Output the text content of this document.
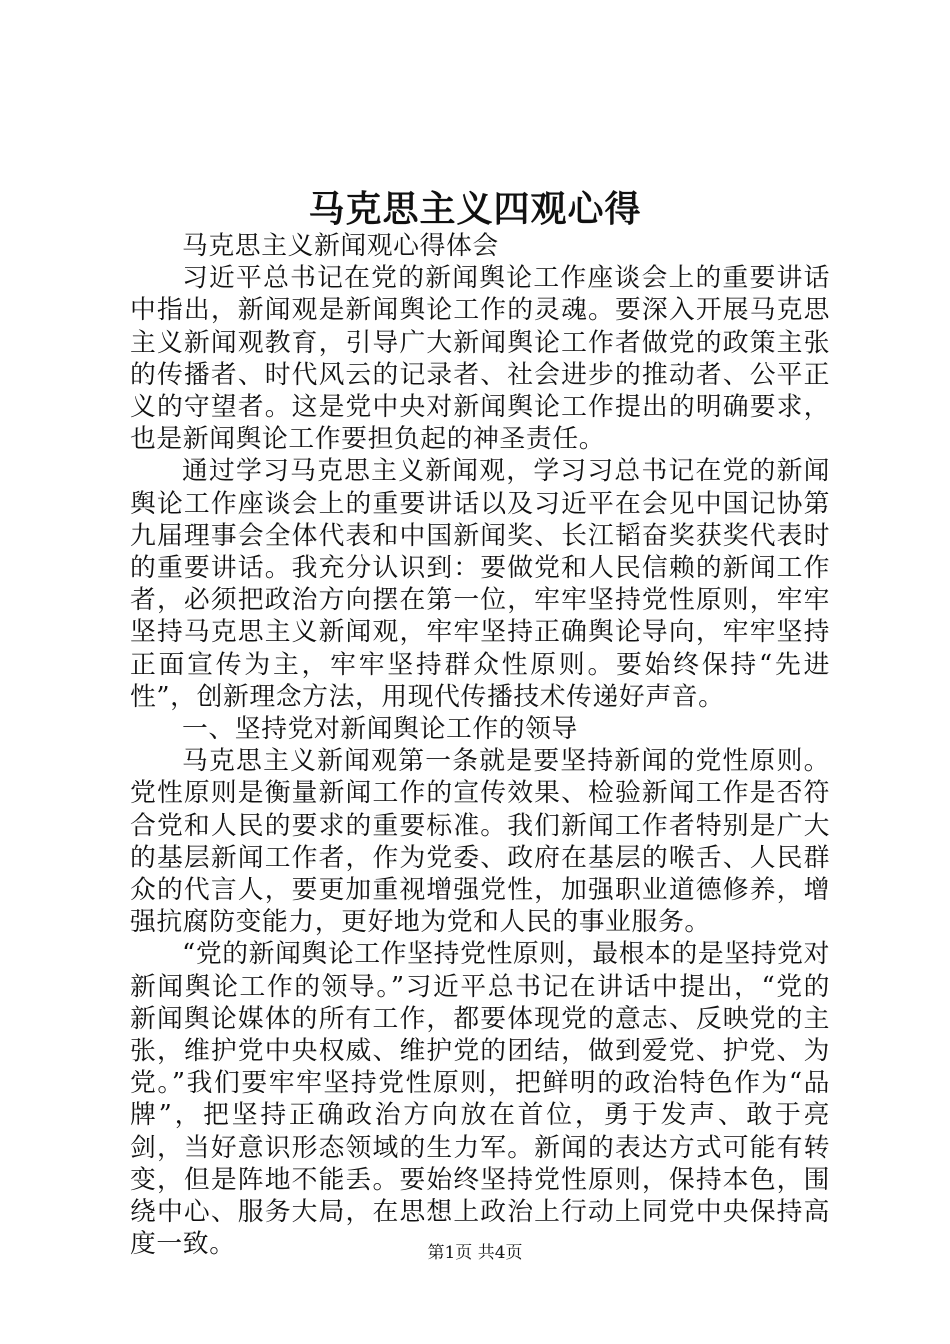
马克思主义四观心得

马克思主义新闻观心得体会

习近平总书记在党的新闻舆论工作座谈会上的重要讲话中指出，新闻观是新闻舆论工作的灵魂。要深入开展马克思主义新闻观教育，引导广大新闻舆论工作者做党的政策主张的传播者、时代风云的记录者、社会进步的推动者、公平正义的守望者。这是党中央对新闻舆论工作提出的明确要求，也是新闻舆论工作要担负起的神圣责任。

通过学习马克思主义新闻观，学习习总书记在党的新闻舆论工作座谈会上的重要讲话以及习近平在会见中国记协第九届理事会全体代表和中国新闻奖、长江韬奋奖获奖代表时的重要讲话。我充分认识到：要做党和人民信赖的新闻工作者，必须把政治方向摆在第一位，牢牢坚持党性原则，牢牢坚持马克思主义新闻观，牢牢坚持正确舆论导向，牢牢坚持正面宣传为主，牢牢坚持群众性原则。要始终保持“先进性”，创新理念方法，用现代传播技术传递好声音。

一、坚持党对新闻舆论工作的领导

马克思主义新闻观第一条就是要坚持新闻的党性原则。党性原则是衡量新闻工作的宣传效果、检验新闻工作是否符合党和人民的要求的重要标准。我们新闻工作者特别是广大的基层新闻工作者，作为党委、政府在基层的喉舌、人民群众的代言人，要更加重视增强党性，加强职业道德修养，增强抗腐防变能力，更好地为党和人民的事业服务。

“党的新闻舆论工作坚持党性原则，最根本的是坚持党对新闻舆论工作的领导。”习近平总书记在讲话中提出，“党的新闻舆论媒体的所有工作，都要体现党的意志、反映党的主张，维护党中央权威、维护党的团结，做到爱党、护党、为党。”我们要牢牢坚持党性原则，把鲜明的政治特色作为“品牌”，把坚持正确政治方向放在首位，勇于发声、敢于亮剑，当好意识形态领域的生力军。新闻的表达方式可能有转变，但是阵地不能丢。要始终坚持党性原则，保持本色，围绕中心、服务大局，在思想上政治上行动上同党中央保持高度一致。	第1页 共4页
